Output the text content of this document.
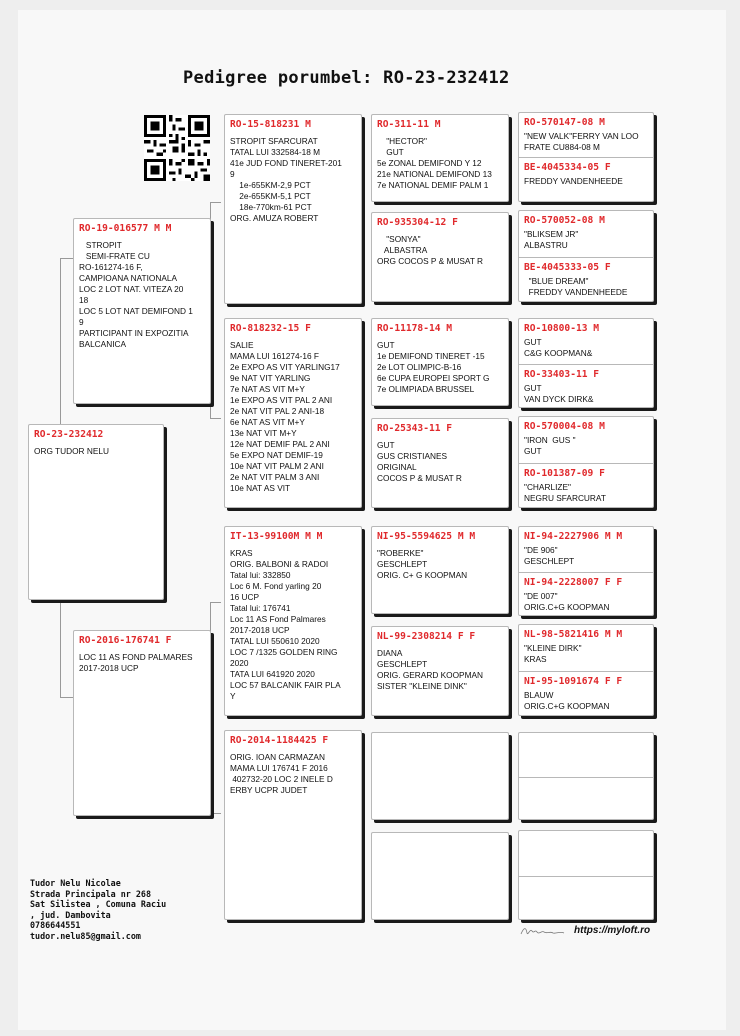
Pedigree porumbel: RO-23-232412
RO-23-232412
ORG TUDOR NELU
RO-19-016577 M M
STROPIT
SEMI-FRATE CU
RO-161274-16 F,
CAMPIOANA NATIONALA
LOC 2 LOT NAT. VITEZA 20
18
LOC 5 LOT NAT DEMIFOND 1
9
PARTICIPANT IN EXPOZITIA
BALCANICA
RO-2016-176741 F
LOC 11 AS FOND PALMARES
2017-2018 UCP
RO-15-818231 M
STROPIT SFARCURAT
TATAL LUI 332584-18 M
41e JUD FOND TINERET-201
9
1e-655KM-2,9 PCT
2e-655KM-5,1 PCT
18e-770km-61 PCT
ORG. AMUZA ROBERT
RO-818232-15 F
SALIE
MAMA LUI 161274-16 F
2e EXPO AS VIT YARLING17
9e NAT VIT YARLING
7e NAT AS VIT M+Y
1e EXPO AS VIT PAL 2 ANI
2e NAT VIT PAL 2 ANI-18
6e NAT AS VIT M+Y
13e NAT VIT M+Y
12e NAT DEMIF PAL 2 ANI
5e EXPO NAT DEMIF-19
10e NAT VIT PALM 2 ANI
2e NAT VIT PALM 3 ANI
10e NAT AS VIT
IT-13-99100M M M
KRAS
ORIG. BALBONI & RADOI
Tatal lui: 332850
Loc 6 M. Fond yarling 20
16 UCP
Tatal lui: 176741
Loc 11 AS Fond Palmares
2017-2018 UCP
TATAL LUI 550610 2020
LOC 7 /1325 GOLDEN RING
2020
TATA LUI 641920 2020
LOC 57 BALCANIK FAIR PLA
Y
RO-2014-1184425 F
ORIG. IOAN CARMAZAN
MAMA LUI 176741 F 2016
402732-20 LOC 2 INELE D
ERBY UCPR JUDET
RO-311-11 M
"HECTOR"
GUT
5e ZONAL DEMIFOND Y 12
21e NATIONAL DEMIFOND 13
7e NATIONAL DEMIF PALM 1
RO-935304-12 F
"SONYA"
ALBASTRA
ORG COCOS P & MUSAT R
RO-11178-14 M
GUT
1e DEMIFOND TINERET -15
2e LOT OLIMPIC-B-16
6e CUPA EUROPEI SPORT G
7e OLIMPIADA BRUSSEL
RO-25343-11 F
GUT
GUS CRISTIANES
ORIGINAL
COCOS P & MUSAT R
NI-95-5594625 M M
"ROBERKE"
GESCHLEPT
ORIG. C+ G KOOPMAN
NL-99-2308214 F F
DIANA
GESCHLEPT
ORIG. GERARD KOOPMAN
SISTER "KLEINE DINK"
RO-570147-08 M
"NEW VALK"FERRY VAN LOO
FRATE CU884-08 M
BE-4045334-05 F
FREDDY VANDENHEEDE
RO-570052-08 M
"BLIKSEM JR"
ALBASTRU
BE-4045333-05 F
"BLUE DREAM"
FREDDY VANDENHEEDE
RO-10800-13 M
GUT
C&G KOOPMAN&
RO-33403-11 F
GUT
VAN DYCK DIRK&
RO-570004-08 M
"IRON  GUS "
GUT
RO-101387-09 F
"CHARLIZE"
NEGRU SFARCURAT
NI-94-2227906 M M
"DE 906"
GESCHLEPT
NI-94-2228007 F F
"DE 007"
ORIG.C+G KOOPMAN
NL-98-5821416 M M
"KLEINE DIRK"
KRAS
NI-95-1091674 F F
BLAUW
ORIG.C+G KOOPMAN
Tudor Nelu Nicolae
Strada Principala nr 268
Sat Silistea , Comuna Raciu
, jud. Dambovita
0786644551
tudor.nelu85@gmail.com	https://myloft.ro
